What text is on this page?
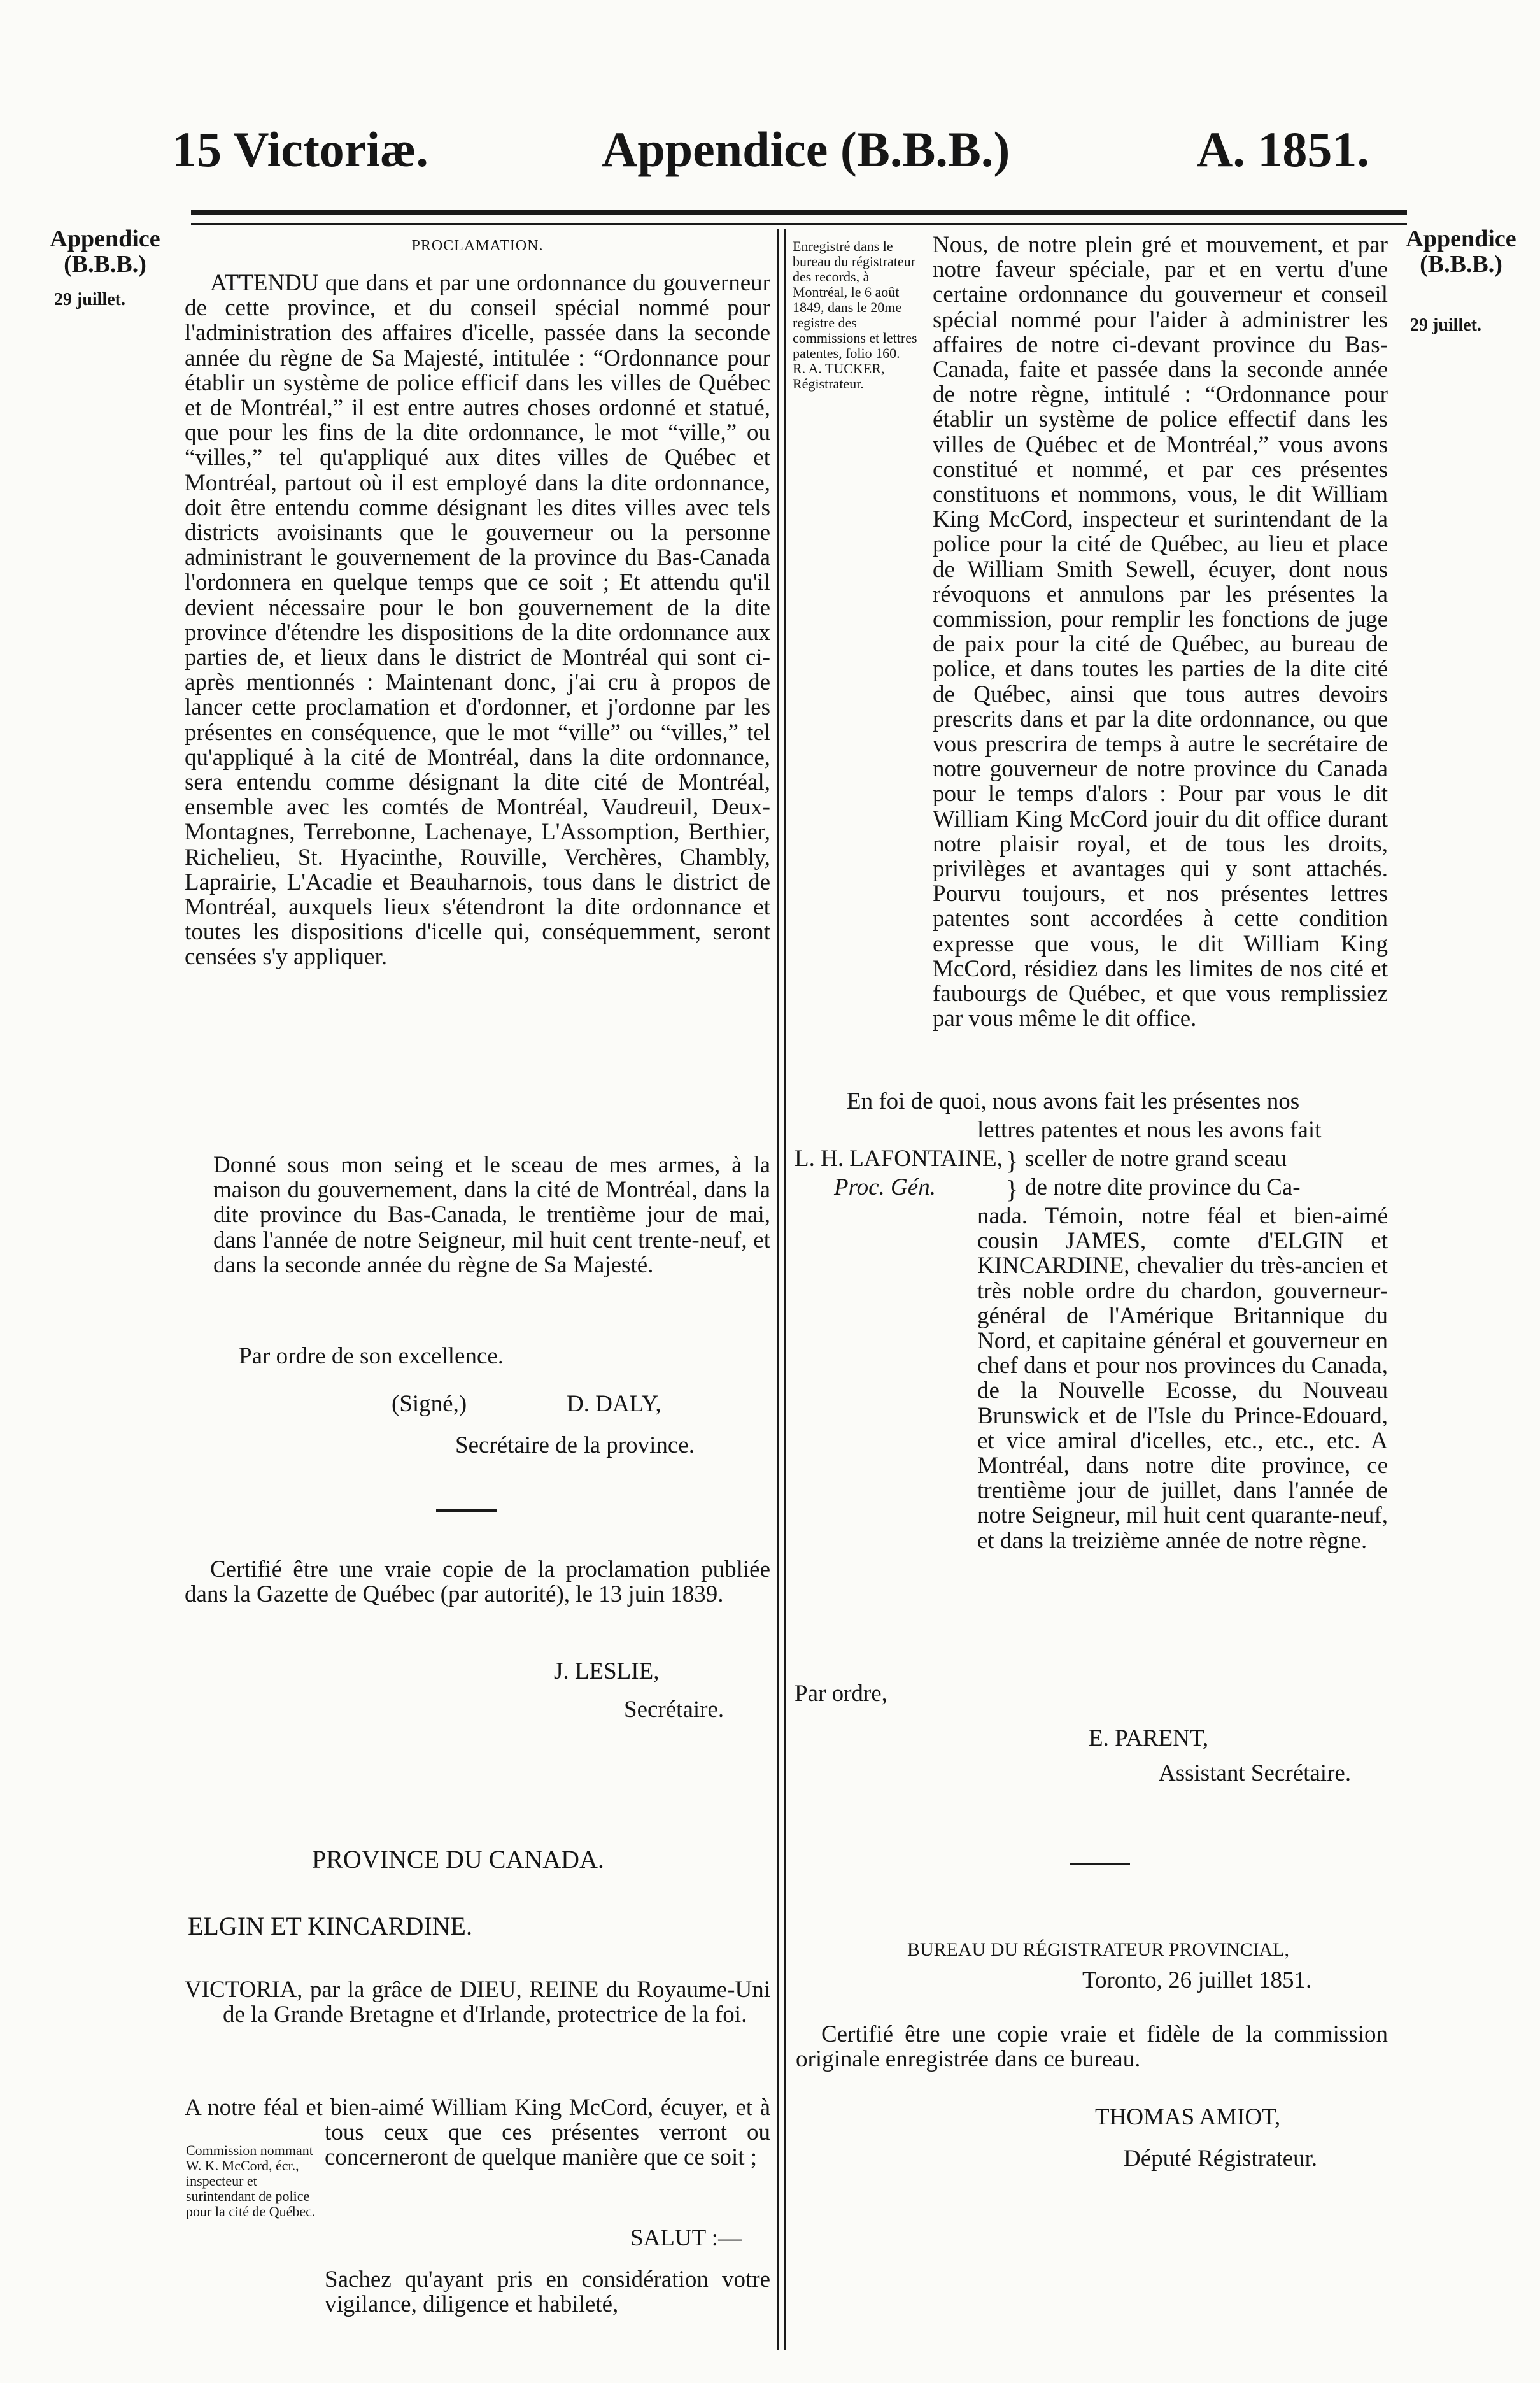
15 Victoriæ.	Appendice (B.B.B.)	A. 1851.
Appendice
(B.B.B.)
29 juillet.
Appendice
(B.B.B.)
29 juillet.
PROCLAMATION.

ATTENDU que dans et par une ordonnance du gouverneur de cette province, et du conseil spécial nommé pour l'administration des affaires d'icelle, passée dans la seconde année du règne de Sa Majesté, intitulée : “Ordonnance pour établir un système de police efficif dans les villes de Québec et de Montréal,” il est entre autres choses ordonné et statué, que pour les fins de la dite ordonnance, le mot “ville,” ou “villes,” tel qu'appliqué aux dites villes de Québec et Montréal, partout où il est employé dans la dite ordonnance, doit être entendu comme désignant les dites villes avec tels districts avoisinants que le gouverneur ou la personne administrant le gouvernement de la province du Bas-Canada l'ordonnera en quelque temps que ce soit ; Et attendu qu'il devient nécessaire pour le bon gouvernement de la dite province d'étendre les dispositions de la dite ordonnance aux parties de, et lieux dans le district de Montréal qui sont ci-après mentionnés : Maintenant donc, j'ai cru à propos de lancer cette proclamation et d'ordonner, et j'ordonne par les présentes en conséquence, que le mot “ville” ou “villes,” tel qu'appliqué à la cité de Montréal, dans la dite ordonnance, sera entendu comme désignant la dite cité de Montréal, ensemble avec les comtés de Montréal, Vaudreuil, Deux-Montagnes, Terrebonne, Lachenaye, L'Assomption, Berthier, Richelieu, St. Hyacinthe, Rouville, Verchères, Chambly, Laprairie, L'Acadie et Beauharnois, tous dans le district de Montréal, auxquels lieux s'étendront la dite ordonnance et toutes les dispositions d'icelle qui, conséquemment, seront censées s'y appliquer.

Donné sous mon seing et le sceau de mes armes, à la maison du gouvernement, dans la cité de Montréal, dans la dite province du Bas-Canada, le trentième jour de mai, dans l'année de notre Seigneur, mil huit cent trente-neuf, et dans la seconde année du règne de Sa Majesté.

Par ordre de son excellence.
(Signé,)	D. DALY,
Secrétaire de la province.

Certifié être une vraie copie de la proclamation publiée dans la Gazette de Québec (par autorité), le 13 juin 1839.

J. LESLIE,
Secrétaire.
PROVINCE DU CANADA.
ELGIN ET KINCARDINE.

VICTORIA, par la grâce de DIEU, REINE du Royaume-Uni de la Grande Bretagne et d'Irlande, protectrice de la foi.

A notre féal et bien-aimé William King McCord, écuyer, et à tous ceux que ces présentes verront ou concerneront de quelque manière que ce soit ;

Commission nommant W. K. McCord, écr., inspecteur et surintendant de police pour la cité de Québec.
SALUT :—
Sachez qu'ayant pris en considération votre vigilance, diligence et habileté,
Enregistré dans le bureau du régistrateur des records, à Montréal, le 6 août 1849, dans le 20me registre des commissions et lettres patentes, folio 160.
R. A. TUCKER,
Régistrateur.

Nous, de notre plein gré et mouvement, et par notre faveur spéciale, par et en vertu d'une certaine ordonnance du gouverneur et conseil spécial nommé pour l'aider à administrer les affaires de notre ci-devant province du Bas-Canada, faite et passée dans la seconde année de notre règne, intitulé : “Ordonnance pour établir un système de police effectif dans les villes de Québec et de Montréal,” vous avons constitué et nommé, et par ces présentes constituons et nommons, vous, le dit William King McCord, inspecteur et surintendant de la police pour la cité de Québec, au lieu et place de William Smith Sewell, écuyer, dont nous révoquons et annulons par les présentes la commission, pour remplir les fonctions de juge de paix pour la cité de Québec, au bureau de police, et dans toutes les parties de la dite cité de Québec, ainsi que tous autres devoirs prescrits dans et par la dite ordonnance, ou que vous prescrira de temps à autre le secrétaire de notre gouverneur de notre province du Canada pour le temps d'alors : Pour par vous le dit William King McCord jouir du dit office durant notre plaisir royal, et de tous les droits, privilèges et avantages qui y sont attachés. Pourvu toujours, et nos présentes lettres patentes sont accordées à cette condition expresse que vous, le dit William King McCord, résidiez dans les limites de nos cité et faubourgs de Québec, et que vous remplissiez par vous même le dit office.

En foi de quoi, nous avons fait les présentes nos
lettres patentes et nous les avons fait
L. H. LAFONTAINE,
Proc. Gén.
}
}
sceller de notre grand sceau
de notre dite province du Ca-
nada. Témoin, notre féal et bien-aimé cousin JAMES, comte d'ELGIN et KINCARDINE, chevalier du très-ancien et très noble ordre du chardon, gouverneur-général de l'Amérique Britannique du Nord, et capitaine général et gouverneur en chef dans et pour nos provinces du Canada, de la Nouvelle Ecosse, du Nouveau Brunswick et de l'Isle du Prince-Edouard, et vice amiral d'icelles, etc., etc., etc. A Montréal, dans notre dite province, ce trentième jour de juillet, dans l'année de notre Seigneur, mil huit cent quarante-neuf, et dans la treizième année de notre règne.
Par ordre,
E. PARENT,
Assistant Secrétaire.
BUREAU DU RÉGISTRATEUR PROVINCIAL,
Toronto, 26 juillet 1851.

Certifié être une copie vraie et fidèle de la commission originale enregistrée dans ce bureau.

THOMAS AMIOT,
Député Régistrateur.
